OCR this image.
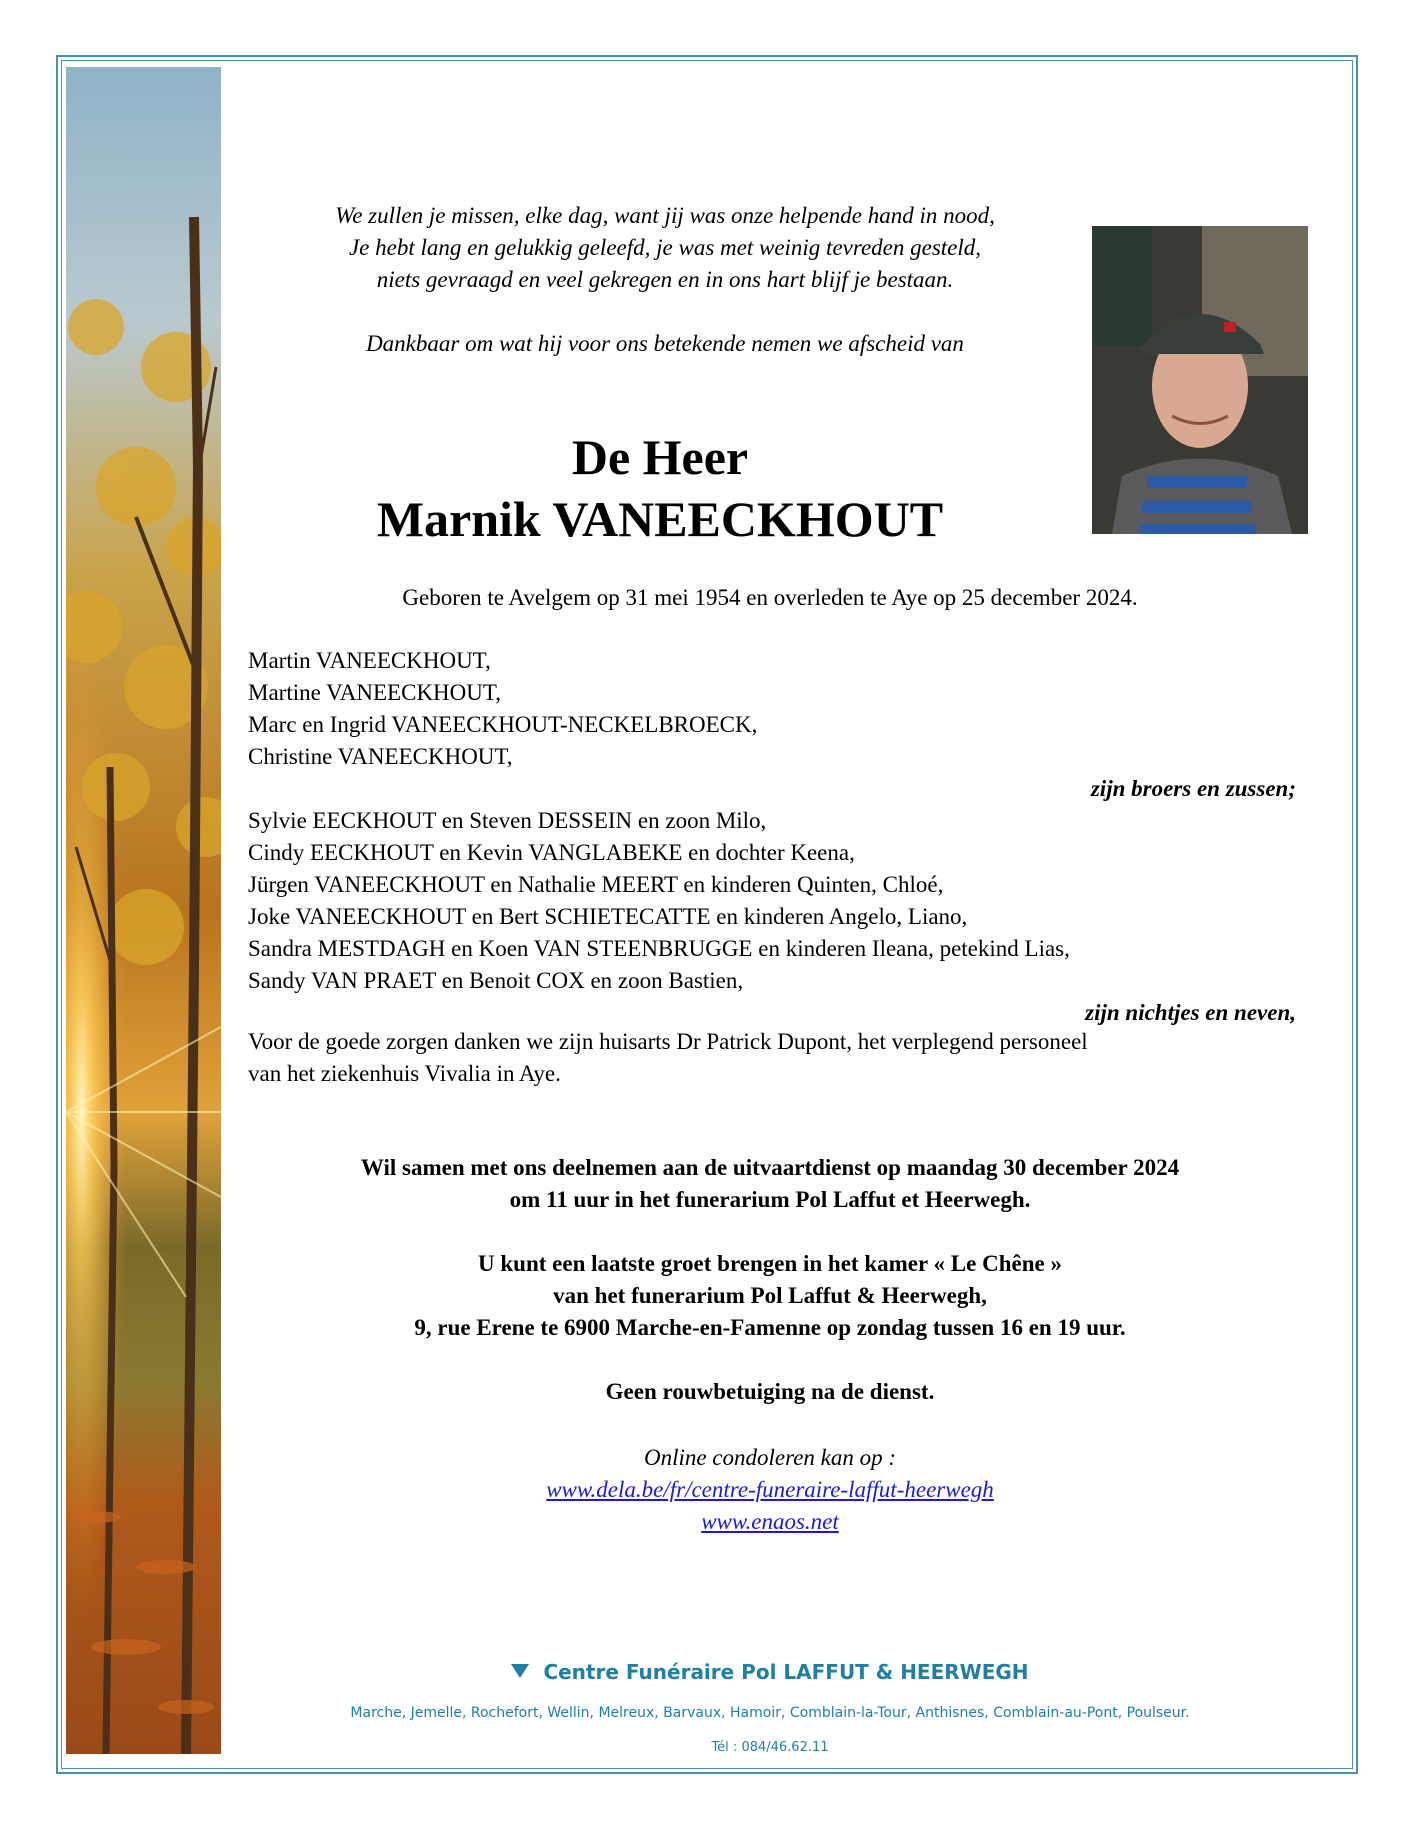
We zullen je missen, elke dag, want jij was onze helpende hand in nood,

Je hebt lang en gelukkig geleefd, je was met weinig tevreden gesteld,

niets gevraagd en veel gekregen en in ons hart blijf je bestaan.

Dankbaar om wat hij voor ons betekende nemen we afscheid van
De Heer
Marnik VANEECKHOUT
Geboren te Avelgem op 31 mei 1954 en overleden te Aye op 25 december 2024.
Martin VANEECKHOUT,
Martine VANEECKHOUT,
Marc en Ingrid VANEECKHOUT-NECKELBROECK,
Christine VANEECKHOUT,
zijn broers en zussen;
Sylvie EECKHOUT en Steven DESSEIN en zoon Milo,
Cindy EECKHOUT en Kevin VANGLABEKE en dochter Keena,
Jürgen VANEECKHOUT en Nathalie MEERT en kinderen Quinten, Chloé,
Joke VANEECKHOUT en Bert SCHIETECATTE en kinderen Angelo, Liano,
Sandra MESTDAGH en Koen VAN STEENBRUGGE en kinderen Ileana, petekind Lias,
Sandy VAN PRAET en Benoit COX en zoon Bastien,
zijn nichtjes en neven,
Voor de goede zorgen danken we zijn huisarts Dr Patrick Dupont, het verplegend personeel
van het ziekenhuis Vivalia in Aye.
Wil samen met ons deelnemen aan de uitvaartdienst op maandag 30 december 2024
om 11 uur in het funerarium Pol Laffut et Heerwegh.
U kunt een laatste groet brengen in het kamer « Le Chêne »
van het funerarium Pol Laffut & Heerwegh,
9, rue Erene te 6900 Marche-en-Famenne op zondag tussen 16 en 19 uur.
Geen rouwbetuiging na de dienst.
Online condoleren kan op :
www.dela.be/fr/centre-funeraire-laffut-heerwegh
www.enaos.net
Centre Funéraire Pol LAFFUT & HEERWEGH
Marche, Jemelle, Rochefort, Wellin, Melreux, Barvaux, Hamoir, Comblain-la-Tour, Anthisnes, Comblain-au-Pont, Poulseur.
Tél : 084/46.62.11
